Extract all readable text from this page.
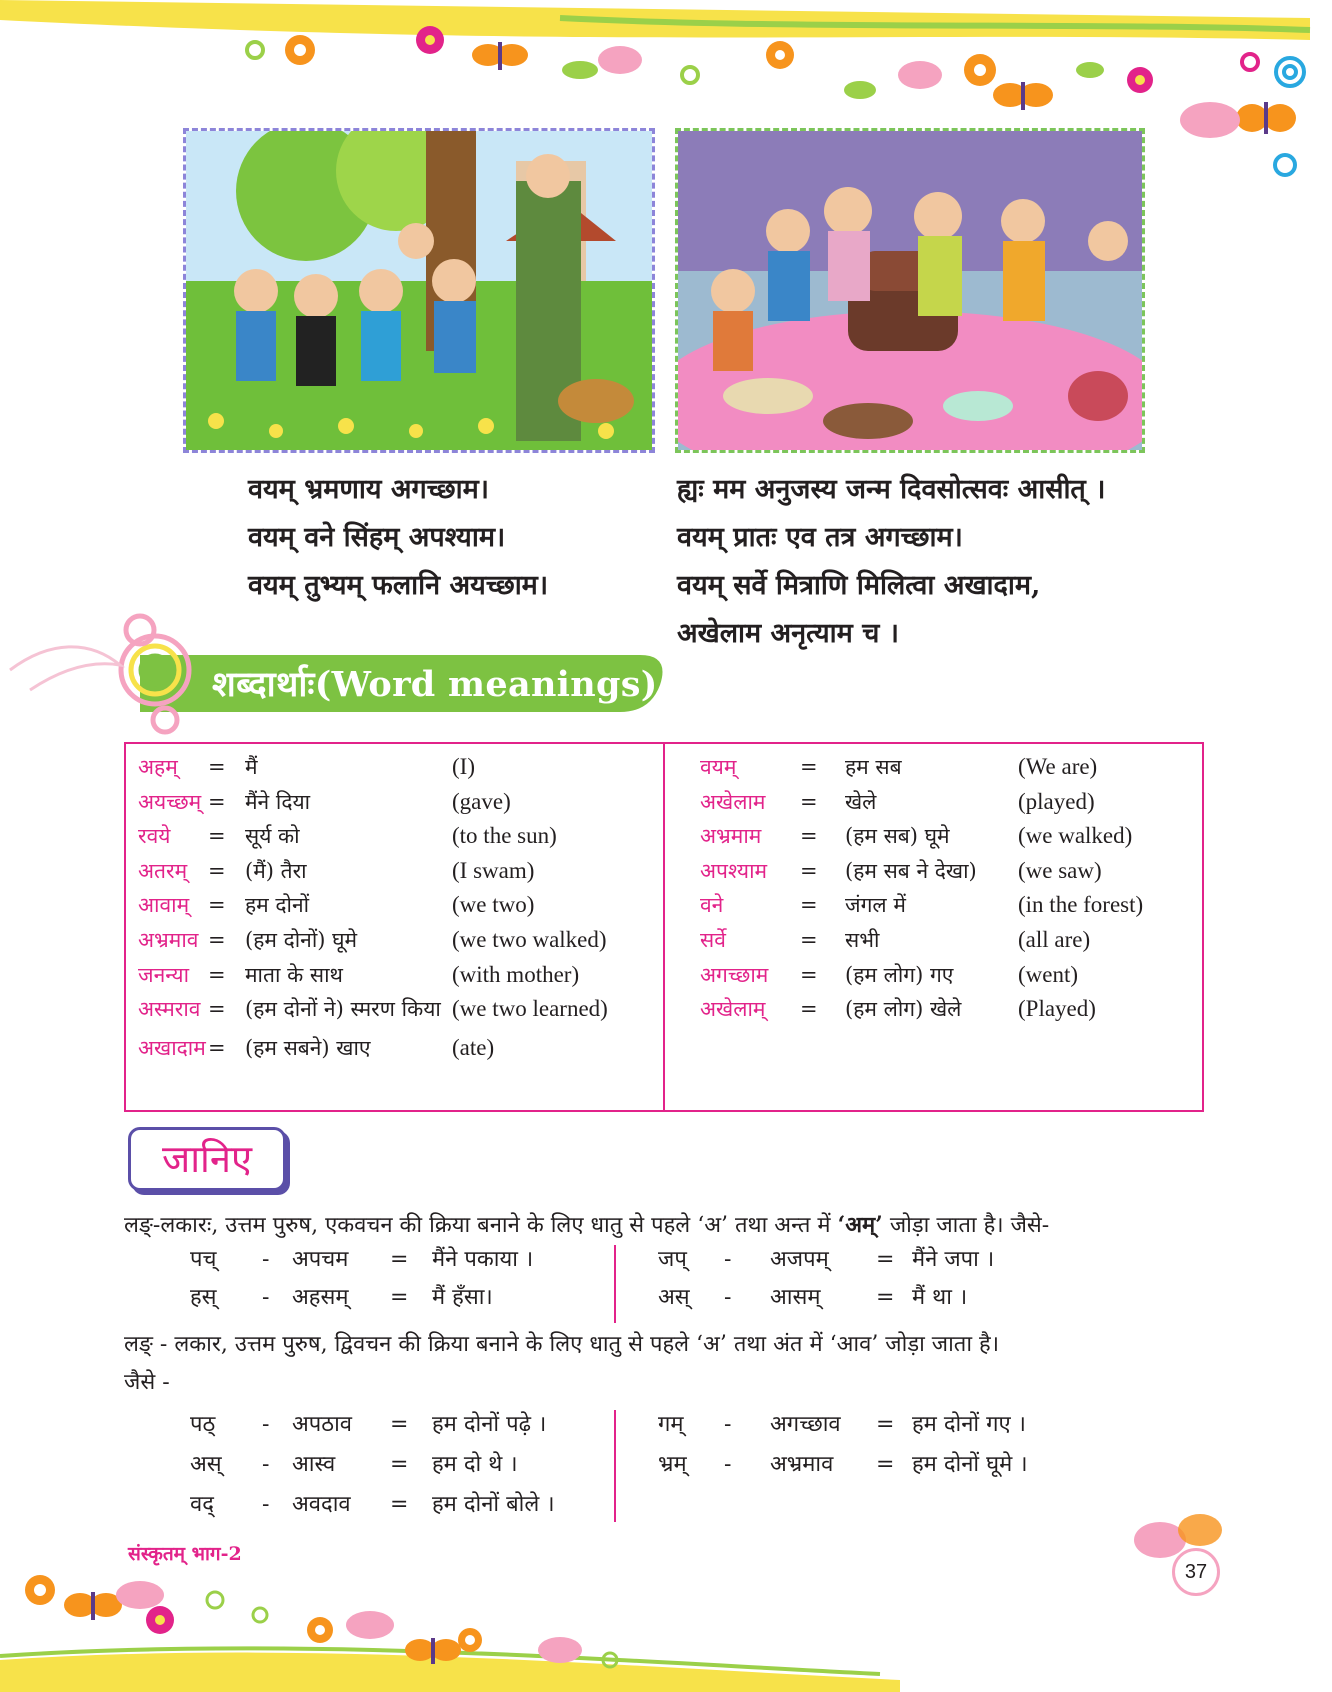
वयम् भ्रमणाय अगच्छाम।
वयम् वने सिंहम् अपश्याम।
वयम् तुभ्यम् फलानि अयच्छाम।
ह्यः मम अनुजस्य जन्म दिवसोत्सवः आसीत् ।
वयम् प्रातः एव तत्र अगच्छाम।
वयम् सर्वे मित्राणि मिलित्वा अखादाम,
अखेलाम अनृत्याम च ।
शब्दार्थाः(Word meanings)
अहम् = मैं	(I)
अयच्छम् = मैंने दिया	(gave)
रवये = सूर्य को	(to the sun)
अतरम् = (मैं) तैरा	(I swam)
आवाम् = हम दोनों	(we two)
अभ्रमाव = (हम दोनों) घूमे	(we two walked)
जनन्या = माता के साथ	(with mother)
अस्मराव = (हम दोनों ने) स्मरण किया (we two learned)
अखादाम = (हम सबने) खाए	(ate)
वयम्	= हम सब	(We are)
अखेलाम = खेले	(played)
अभ्रमाम = (हम सब) घूमे	(we walked)
अपश्याम = (हम सब ने देखा) (we saw)
वने	= जंगल में	(in the forest)
सर्वे	= सभी	(all are)
अगच्छाम = (हम लोग) गए	(went)
अखेलाम् = (हम लोग) खेले (Played)
जानिए
लङ्-लकारः, उत्तम पुरुष, एकवचन की क्रिया बनाने के लिए धातु से पहले ‘अ’ तथा अन्त में ‘अम्’ जोड़ा जाता है। जैसे-
पच् - अपचम = मैंने पकाया ।
हस् - अहसम् = मैं हँसा।
जप् - अजपम् = मैंने जपा ।
अस् - आसम्	= मैं था ।
लङ् - लकार, उत्तम पुरुष, द्विवचन की क्रिया बनाने के लिए धातु से पहले ‘अ’ तथा अंत में ‘आव’ जोड़ा जाता है।
जैसे -
पठ् - अपठाव = हम दोनों पढ़े ।
अस् - आस्व = हम दो थे ।
वद् - अवदाव = हम दोनों बोले ।
गम् - अगच्छाव = हम दोनों गए ।
भ्रम् - अभ्रमाव = हम दोनों घूमे ।
संस्कृतम् भाग-2
37
